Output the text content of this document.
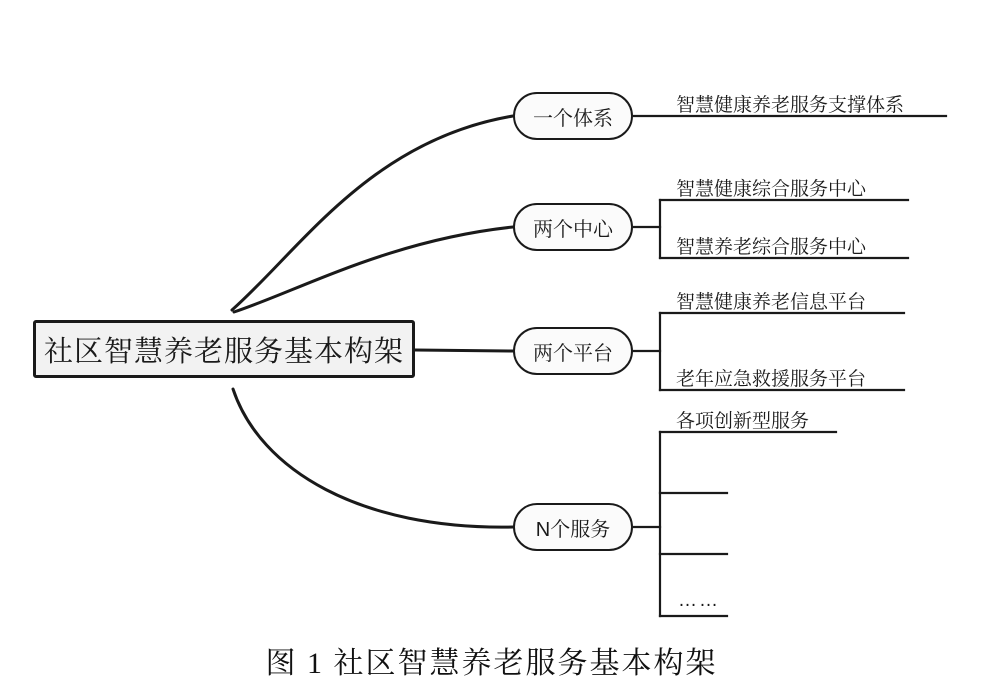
社区智慧养老服务基本构架
一个体系
两个中心
两个平台
N个服务
智慧健康养老服务支撑体系
智慧健康综合服务中心
智慧养老综合服务中心
智慧健康养老信息平台
老年应急救援服务平台
各项创新型服务
……
图 1 社区智慧养老服务基本构架
